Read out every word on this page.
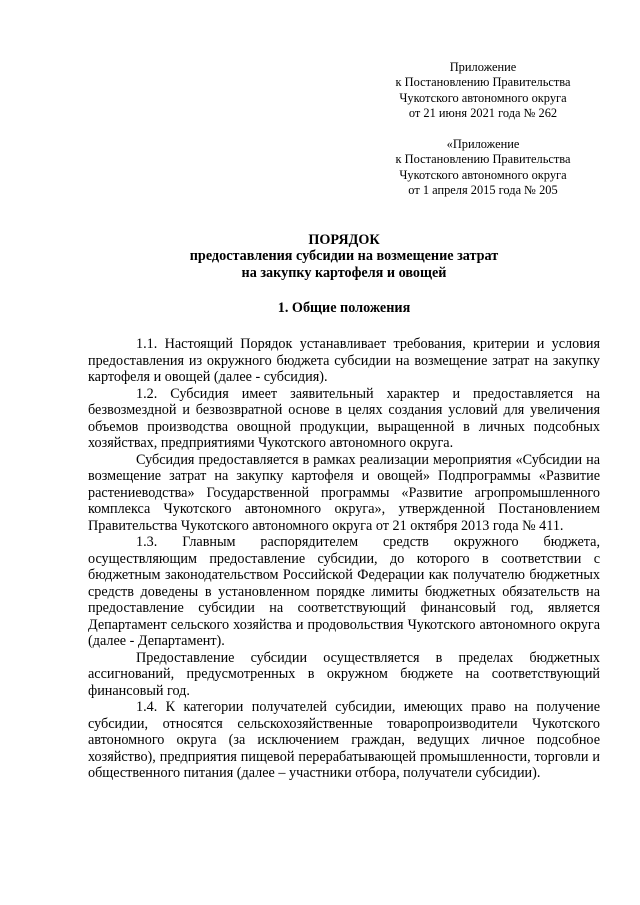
Приложение
к Постановлению Правительства
Чукотского автономного округа
от 21 июня 2021 года № 262
«Приложение
к Постановлению Правительства
Чукотского автономного округа
от 1 апреля 2015 года № 205
ПОРЯДОК
предоставления субсидии на возмещение затрат
на закупку картофеля и овощей
1. Общие положения

1.1. Настоящий Порядок устанавливает требования, критерии и условия предоставления из окружного бюджета субсидии на возмещение затрат на закупку картофеля и овощей (далее - субсидия).

1.2. Субсидия имеет заявительный характер и предоставляется на безвозмездной и безвозвратной основе в целях создания условий для увеличения объемов производства овощной продукции, выращенной в личных подсобных хозяйствах, предприятиями Чукотского автономного округа.

Субсидия предоставляется в рамках реализации мероприятия «Субсидии на возмещение затрат на закупку картофеля и овощей» Подпрограммы «Развитие растениеводства» Государственной программы «Развитие агропромышленного комплекса Чукотского автономного округа», утвержденной Постановлением Правительства Чукотского автономного округа от 21 октября 2013 года № 411.

1.3. Главным распорядителем средств окружного бюджета, осуществляющим предоставление субсидии, до которого в соответствии с бюджетным законодательством Российской Федерации как получателю бюджетных средств доведены в установленном порядке лимиты бюджетных обязательств на предоставление субсидии на соответствующий финансовый год, является Департамент сельского хозяйства и продовольствия Чукотского автономного округа (далее - Департамент).

Предоставление субсидии осуществляется в пределах бюджетных ассигнований, предусмотренных в окружном бюджете на соответствующий финансовый год.

1.4. К категории получателей субсидии, имеющих право на получение субсидии, относятся сельскохозяйственные товаропроизводители Чукотского автономного округа (за исключением граждан, ведущих личное подсобное хозяйство), предприятия пищевой перерабатывающей промышленности, торговли и общественного питания (далее – участники отбора, получатели субсидии).
